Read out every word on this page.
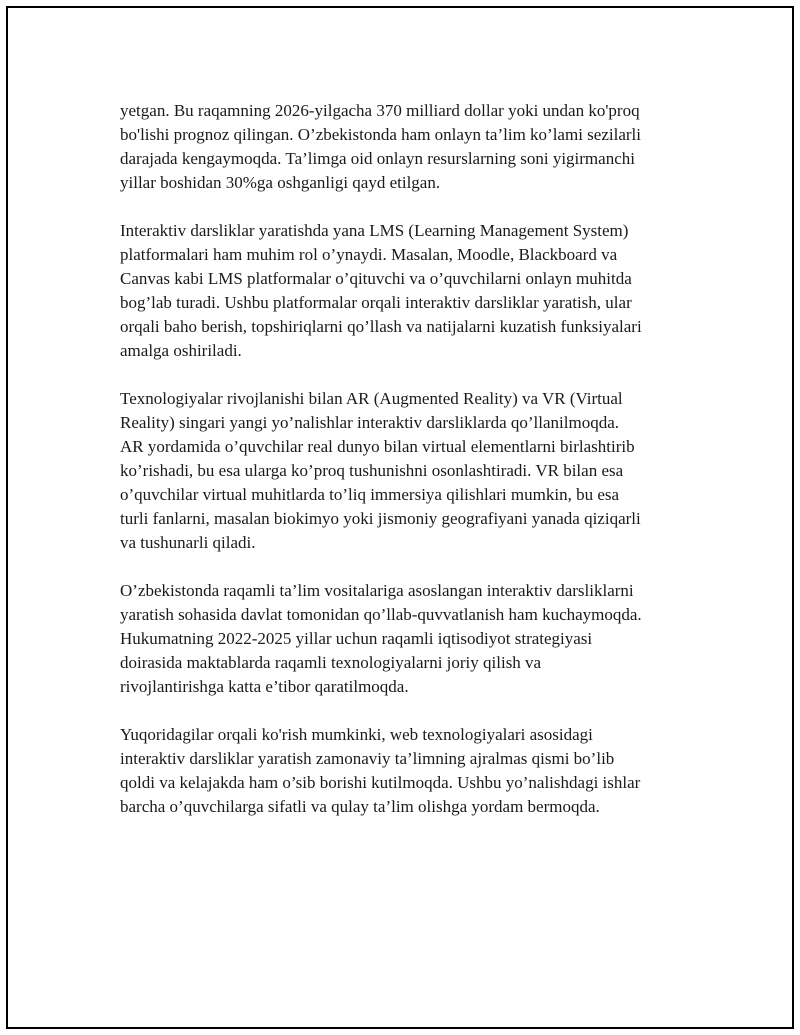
yetgan. Bu raqamning 2026-yilgacha 370 milliard dollar yoki undan ko'proq
bo'lishi prognoz qilingan. O’zbekistonda ham onlayn ta’lim ko’lami sezilarli
darajada kengaymoqda. Ta’limga oid onlayn resurslarning soni yigirmanchi
yillar boshidan 30%ga oshganligi qayd etilgan.

Interaktiv darsliklar yaratishda yana LMS (Learning Management System)
platformalari ham muhim rol o’ynaydi. Masalan, Moodle, Blackboard va
Canvas kabi LMS platformalar o’qituvchi va o’quvchilarni onlayn muhitda
bog’lab turadi. Ushbu platformalar orqali interaktiv darsliklar yaratish, ular
orqali baho berish, topshiriqlarni qo’llash va natijalarni kuzatish funksiyalari
amalga oshiriladi.

Texnologiyalar rivojlanishi bilan AR (Augmented Reality) va VR (Virtual
Reality) singari yangi yo’nalishlar interaktiv darsliklarda qo’llanilmoqda.
AR yordamida o’quvchilar real dunyo bilan virtual elementlarni birlashtirib
ko’rishadi, bu esa ularga ko’proq tushunishni osonlashtiradi. VR bilan esa
o’quvchilar virtual muhitlarda to’liq immersiya qilishlari mumkin, bu esa
turli fanlarni, masalan biokimyo yoki jismoniy geografiyani yanada qiziqarli
va tushunarli qiladi.

O’zbekistonda raqamli ta’lim vositalariga asoslangan interaktiv darsliklarni
yaratish sohasida davlat tomonidan qo’llab-quvvatlanish ham kuchaymoqda.
Hukumatning 2022-2025 yillar uchun raqamli iqtisodiyot strategiyasi
doirasida maktablarda raqamli texnologiyalarni joriy qilish va
rivojlantirishga katta e’tibor qaratilmoqda.

Yuqoridagilar orqali ko'rish mumkinki, web texnologiyalari asosidagi
interaktiv darsliklar yaratish zamonaviy ta’limning ajralmas qismi bo’lib
qoldi va kelajakda ham o’sib borishi kutilmoqda. Ushbu yo’nalishdagi ishlar
barcha o’quvchilarga sifatli va qulay ta’lim olishga yordam bermoqda.
